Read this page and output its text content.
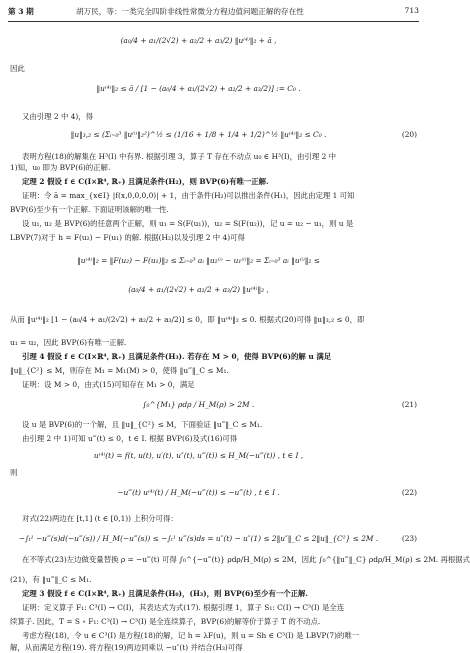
第 3 期	胡万民，等：一类完全四阶非线性常微分方程边值问题正解的存在性	713
(a₀/4 + a₁/(2√2) + a₂/2 + a₃/2) ‖u⁽⁴⁾‖₂ + ā ,
因此
‖u⁽⁴⁾‖₂ ≤ ā / [1 − (a₀/4 + a₁/(2√2) + a₂/2 + a₃/2)] := C₀ .
又由引理 2 中 4)，得
‖u‖₃,₂ ≤ (Σᵢ₌₀³ ‖u⁽ⁱ⁾‖₂²)^½ ≤ (1/16 + 1/8 + 1/4 + 1/2)^½ ‖u⁽⁴⁾‖₂ ≤ C₀ .	(20)
表明方程(18)的解集在 H³(I) 中有界. 根据引理 3，算子 T 存在不动点 u₀ ∈ H³(I)，由引理 2 中
1)知，u₀ 即为 BVP(6)的正解.
定理 2 假设 f ∈ C(I×ℝ⁴, ℝ₊) 且满足条件(H₂)，则 BVP(6)有唯一正解.
证明：令 ā = max_{x∈I} |f(x,0,0,0,0)| + 1，由于条件(H₂)可以推出条件(H₁)，因此由定理 1 可知
BVP(6)至少有一个正解. 下面证明该解的唯一性.
设 u₁, u₂ 是 BVP(6)的任意两个正解，则 u₁ = S(F(u₁))，u₂ = S(F(u₂))，记 u = u₂ − u₁，则 u 是
LBVP(7)对于 h = F(u₂) − F(u₁) 的解. 根据(H₂)以及引理 2 中 4)可得
‖u⁽⁴⁾‖₂ = ‖F(u₂) − F(u₁)‖₂ ≤ Σᵢ₌₀³ aᵢ ‖u₂⁽ⁱ⁾ − u₁⁽ⁱ⁾‖₂ = Σᵢ₌₀³ aᵢ ‖u⁽ⁱ⁾‖₂ ≤
(a₀/4 + a₁/(2√2) + a₂/2 + a₃/2) ‖u⁽⁴⁾‖₂ ,
从而 ‖u⁽⁴⁾‖₂ [1 − (a₀/4 + a₁/(2√2) + a₂/2 + a₃/2)] ≤ 0，即 ‖u⁽⁴⁾‖₂ ≤ 0. 根据式(20)可得 ‖u‖₃,₂ ≤ 0，即
u₁ = u₂，因此 BVP(6)有唯一正解.
引理 4 假设 f ∈ C(I×ℝ⁴, ℝ₊) 且满足条件(H₃). 若存在 M > 0，使得 BVP(6)的解 u 满足
‖u‖_{C²} ≤ M，则存在 M₁ = M₁(M) > 0，使得 ‖u‴‖_C ≤ M₁.
证明：设 M > 0，由式(15)可知存在 M₁ > 0，满足
∫₀^{M₁} ρdρ / H_M(ρ) > 2M .	(21)
设 u 是 BVP(6)的一个解，且 ‖u‖_{C²} ≤ M，下面验证 ‖u‴‖_C ≤ M₁.
由引理 2 中 1)可知 u‴(t) ≤ 0，t ∈ I. 根据 BVP(6)及式(16)可得
u⁽⁴⁾(t) = f(t, u(t), u′(t), u″(t), u‴(t)) ≤ H_M(−u‴(t)) , t ∈ I ,
则
−u‴(t) u⁽⁴⁾(t) / H_M(−u‴(t)) ≤ −u‴(t) , t ∈ I .	(22)
对式(22)两边在 [t,1] (t ∈ [0,1)) 上积分可得：
−∫ₜ¹ −u‴(s)d(−u‴(s)) / H_M(−u‴(s)) ≤ −∫ₜ¹ u‴(s)ds = u″(t) − u″(1) ≤ 2‖u″‖_C ≤ 2‖u‖_{C²} ≤ 2M .	(23)
在不等式(23)左边做变量替换 ρ = −u‴(t) 可得 ∫₀^{−u‴(t)} ρdρ/H_M(ρ) ≤ 2M，因此 ∫₀^{‖u‴‖_C} ρdρ/H_M(ρ) ≤ 2M. 再根据式
(21)，有 ‖u‴‖_C ≤ M₁.
定理 3 假设 f ∈ C(I×ℝ⁴, ℝ₊) 且满足条件(H₀)，(H₃)，则 BVP(6)至少有一个正解.
证明：定义算子 F₁: C³(I) → C(I)，其表达式为式(17). 根据引理 1，算子 S₁: C(I) → C³(I) 是全连
续算子. 因此，T = S ∘ F₁: C³(I) → C³(I) 是全连续算子，BVP(6)的解等价于算子 T 的不动点.
考虑方程(18)，令 u ∈ C³(I) 是方程(18)的解，记 h = λF(u)，则 u = Sh ∈ C³(I) 是 LBVP(7)的唯一
解，从而满足方程(19). 将方程(19)两边同乘以 −u″(t) 并结合(H₃)可得
